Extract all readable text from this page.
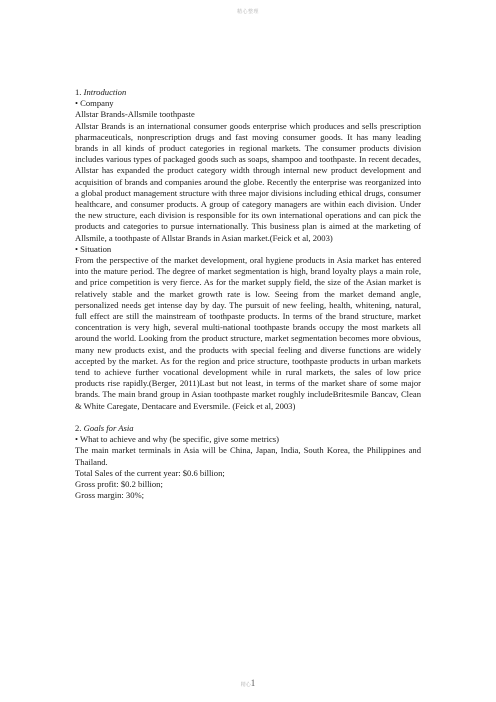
精心整理
1. Introduction
• Company
Allstar Brands-Allsmile toothpaste

Allstar Brands is an international consumer goods enterprise which produces and sells prescription pharmaceuticals, nonprescription drugs and fast moving consumer goods. It has many leading brands in all kinds of product categories in regional markets. The consumer products division includes various types of packaged goods such as soaps, shampoo and toothpaste. In recent decades, Allstar has expanded the product category width through internal new product development and acquisition of brands and companies around the globe. Recently the enterprise was reorganized into a global product management structure with three major divisions including ethical drugs, consumer healthcare, and consumer products. A group of category managers are within each division. Under the new structure, each division is responsible for its own international operations and can pick the products and categories to pursue internationally. This business plan is aimed at the marketing of Allsmile, a toothpaste of Allstar Brands in Asian market.(Feick et al, 2003)

• Situation

From the perspective of the market development, oral hygiene products in Asia market has entered into the mature period. The degree of market segmentation is high, brand loyalty plays a main role, and price competition is very fierce. As for the market supply field, the size of the Asian market is relatively stable and the market growth rate is low. Seeing from the market demand angle, personalized needs get intense day by day. The pursuit of new feeling, health, whitening, natural, full effect are still the mainstream of toothpaste products. In terms of the brand structure, market concentration is very high, several multi-national toothpaste brands occupy the most markets all around the world. Looking from the product structure, market segmentation becomes more obvious, many new products exist, and the products with special feeling and diverse functions are widely accepted by the market. As for the region and price structure, toothpaste products in urban markets tend to achieve further vocational development while in rural markets, the sales of low price products rise rapidly.(Berger, 2011)Last but not least, in terms of the market share of some major brands. The main brand group in Asian toothpaste market roughly includeBritesmile Bancav, Clean & White Caregate, Dentacare and Eversmile. (Feick et al, 2003)

2. Goals for Asia
• What to achieve and why (be specific, give some metrics)

The main market terminals in Asia will be China, Japan, India, South Korea, the Philippines and Thailand.

Total Sales of the current year: $0.6 billion;
Gross profit: $0.2 billion;
Gross margin: 30%;
精心1
